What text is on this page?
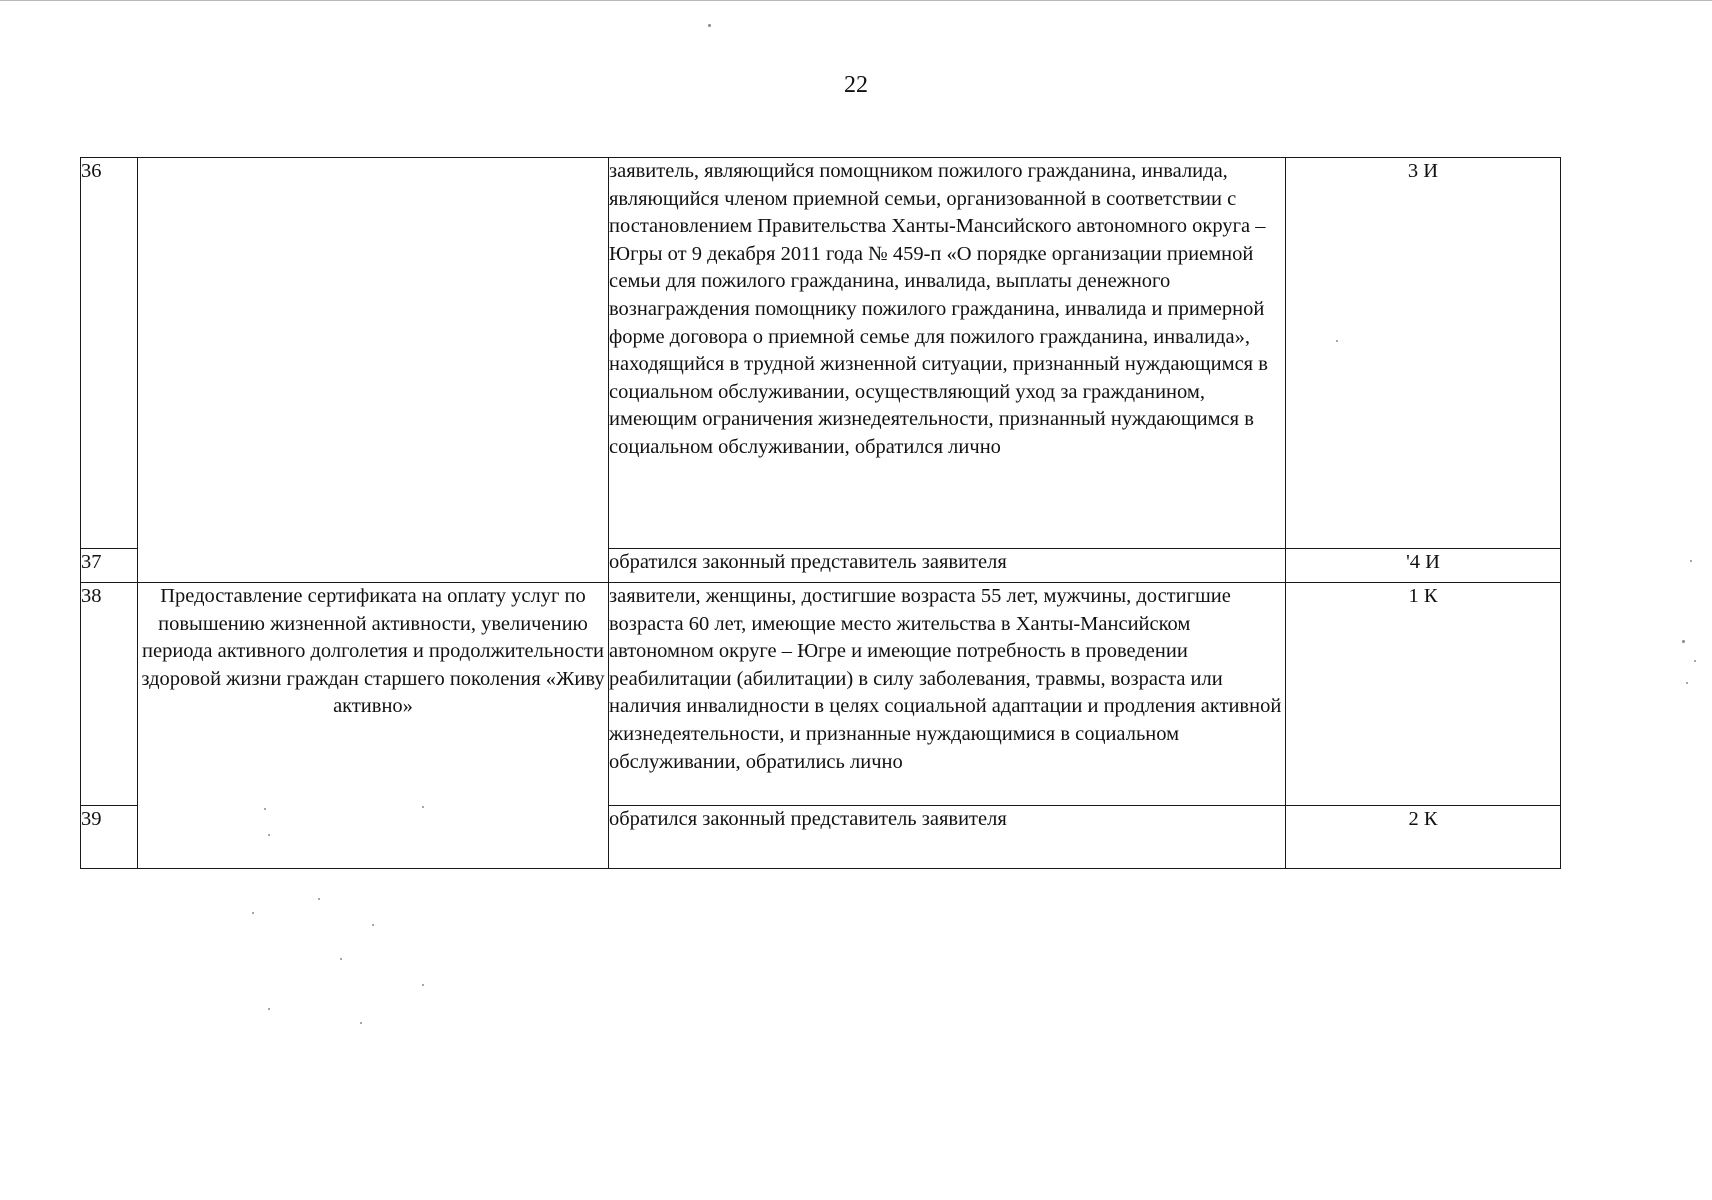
22
36		заявитель, являющийся помощником пожилого гражданина, инвалида, являющийся членом приемной семьи, организованной в соответствии с постановлением Правительства Ханты-Мансийского автономного округа – Югры от 9 декабря 2011 года № 459-п «О порядке организации приемной семьи для пожилого гражданина, инвалида, выплаты денежного вознаграждения помощнику пожилого гражданина, инвалида и примерной форме договора о приемной семье для пожилого гражданина, инвалида», находящийся в трудной жизненной ситуации, признанный нуждающимся в социальном обслуживании, осуществляющий уход за гражданином, имеющим ограничения жизнедеятельности, признанный нуждающимся в социальном обслуживании, обратился лично	3 И
37		обратился законный представитель заявителя	'4 И
38	Предоставление сертификата на оплату услуг по повышению жизненной активности, увеличению периода активного долголетия и продолжительности здоровой жизни граждан старшего поколения «Живу активно»	заявители, женщины, достигшие возраста 55 лет, мужчины, достигшие возраста 60 лет, имеющие место жительства в Ханты-Мансийском автономном округе – Югре и имеющие потребность в проведении реабилитации (абилитации) в силу заболевания, травмы, возраста или наличия инвалидности в целях социальной адаптации и продления активной жизнедеятельности, и признанные нуждающимися в социальном обслуживании, обратились лично	1 К
39		обратился законный представитель заявителя	2 К
